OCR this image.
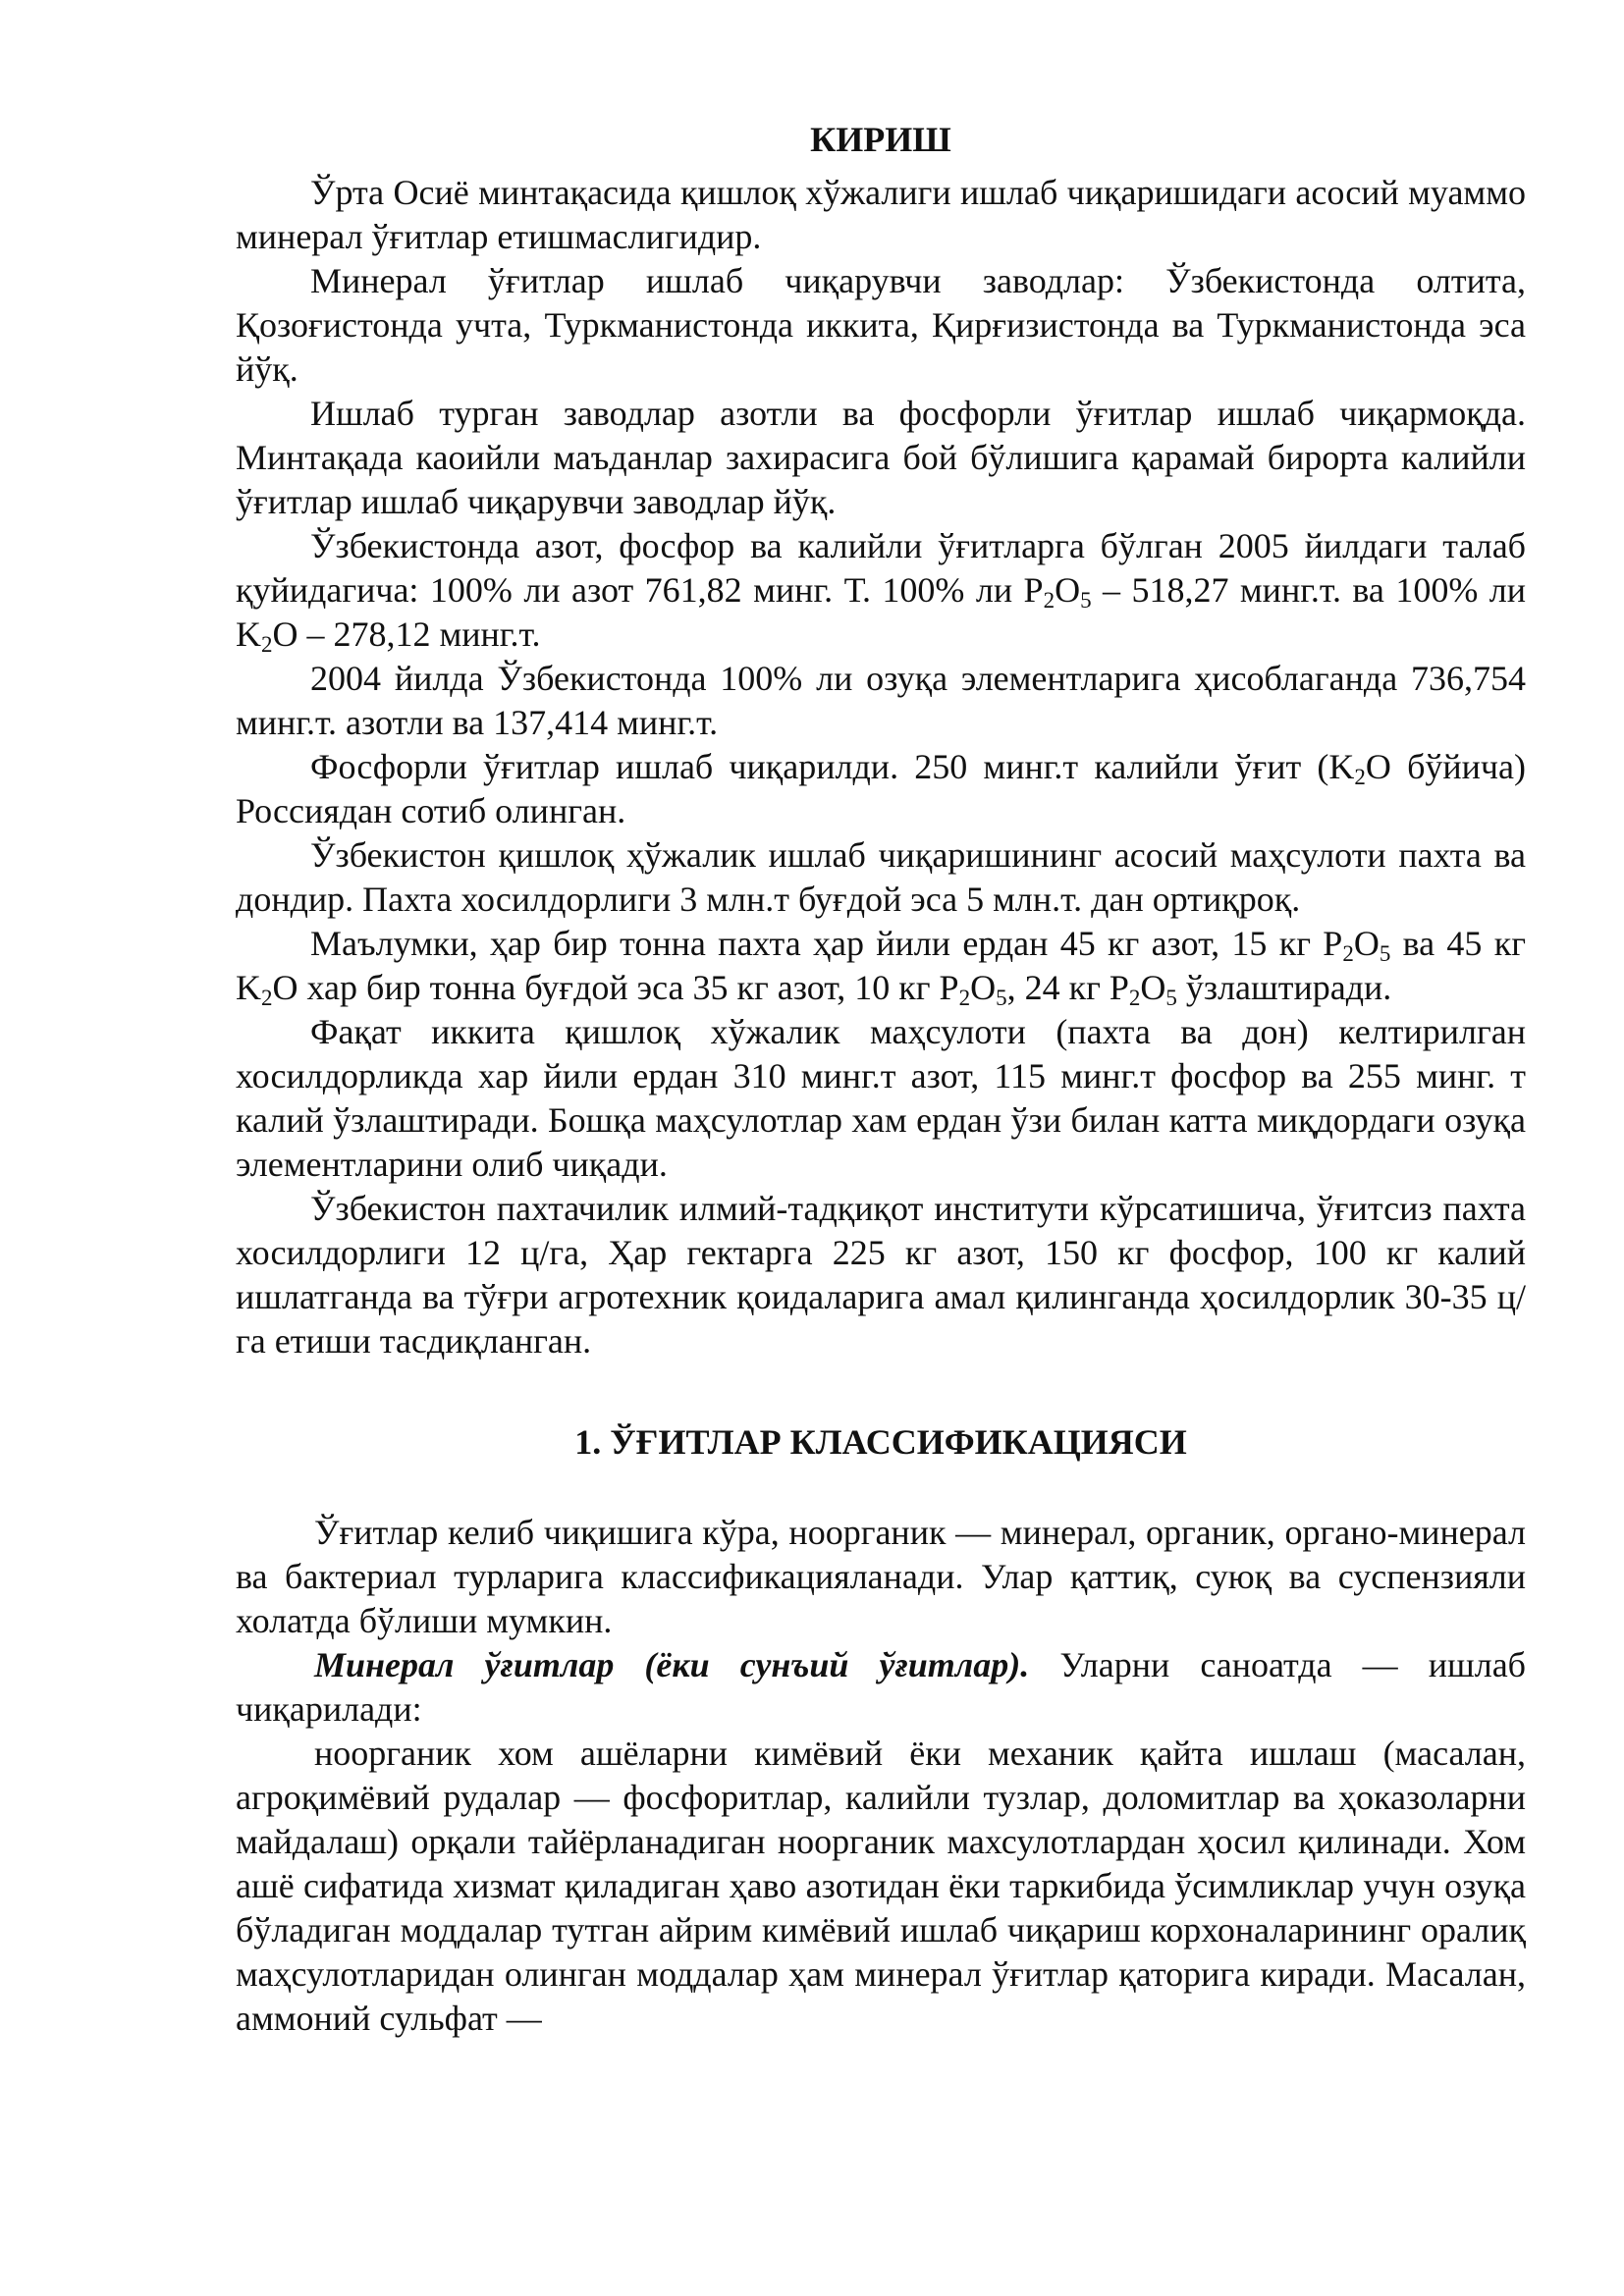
КИРИШ

Ўрта Осиё минтақасида қишлоқ хўжалиги ишлаб чиқаришидаги асосий муаммо минерал ўғитлар етишмаслигидир.

Минерал ўғитлар ишлаб чиқарувчи заводлар: Ўзбекистонда олтита, Қозоғистонда учта, Туркманистонда иккита, Қирғизистонда ва Туркманистонда эса йўқ.

Ишлаб турган заводлар азотли ва фосфорли ўғитлар ишлаб чиқармоқда. Минтақада каоийли маъданлар захирасига бой бўлишига қарамай бирорта калийли ўғитлар ишлаб чиқарувчи заводлар йўқ.

Ўзбекистонда азот, фосфор ва калийли ўғитларга бўлган 2005 йилдаги талаб қуйидагича: 100% ли азот 761,82 минг. Т. 100% ли $P_2O_5 - 518,27$ минг.т. ва 100% ли $K_2O - 278,12$ минг.т.

2004 йилда Ўзбекистонда 100% ли озуқа элементларига ҳисоблаганда 736,754 минг.т. азотли ва 137,414 минг.т.

Фосфорли ўғитлар ишлаб чиқарилди. 250 минг.т калийли ўғит ($K_2O$ бўйича) Россиядан сотиб олинган.

Ўзбекистон қишлоқ ҳўжалик ишлаб чиқаришининг асосий маҳсулоти пахта ва дондир. Пахта хосилдорлиги 3 млн.т буғдой эса 5 млн.т. дан ортиқроқ.

Маълумки, ҳар бир тонна пахта ҳар йили ердан 45 кг азот, 15 кг $P_2O_5$ ва 45 кг $K_2O$ хар бир тонна буғдой эса 35 кг азот, 10 кг $P_2O_5$, 24 кг $P_2O_5$ ўзлаштиради.

Фақат иккита қишлоқ хўжалик маҳсулоти (пахта ва дон) келтирилган хосилдорликда хар йили ердан 310 минг.т азот, 115 минг.т фосфор ва 255 минг. т калий ўзлаштиради. Бошқа маҳсулотлар хам ердан ўзи билан катта миқдордаги озуқа элементларини олиб чиқади.

Ўзбекистон пахтачилик илмий-тадқиқот институти кўрсатишича, ўғитсиз пахта хосилдорлиги 12 ц/га, Ҳар гектарга 225 кг азот, 150 кг фосфор, 100 кг калий ишлатганда ва тўғри агротехник қоидаларига амал қилинганда ҳосилдорлик 30-35 ц/га етиши тасдиқланган.

1. ЎҒИТЛАР КЛАССИФИКАЦИЯСИ

Ўғитлар келиб чиқишига кўра, ноорганик — минерал, органик, органо-минерал ва бактериал турларига классификацияланади. Улар қаттиқ, суюқ ва суспензияли холатда бўлиши мумкин.

Минерал ўғитлар (ёки сунъий ўғитлар). Уларни саноатда — ишлаб чиқарилади:

ноорганик хом ашёларни кимёвий ёки механик қайта ишлаш (масалан, агроқимёвий рудалар — фосфоритлар, калийли тузлар, доломитлар ва ҳоказоларни майдалаш) орқали тайёрланадиган ноорганик махсулотлардан ҳосил қилинади. Хом ашё сифатида хизмат қиладиган ҳаво азотидан ёки таркибида ўсимликлар учун озуқа бўладиган моддалар тутган айрим кимёвий ишлаб чиқариш корхоналарининг оралиқ маҳсулотларидан олинган моддалар ҳам минерал ўғитлар қаторига киради. Масалан, аммоний сульфат —
